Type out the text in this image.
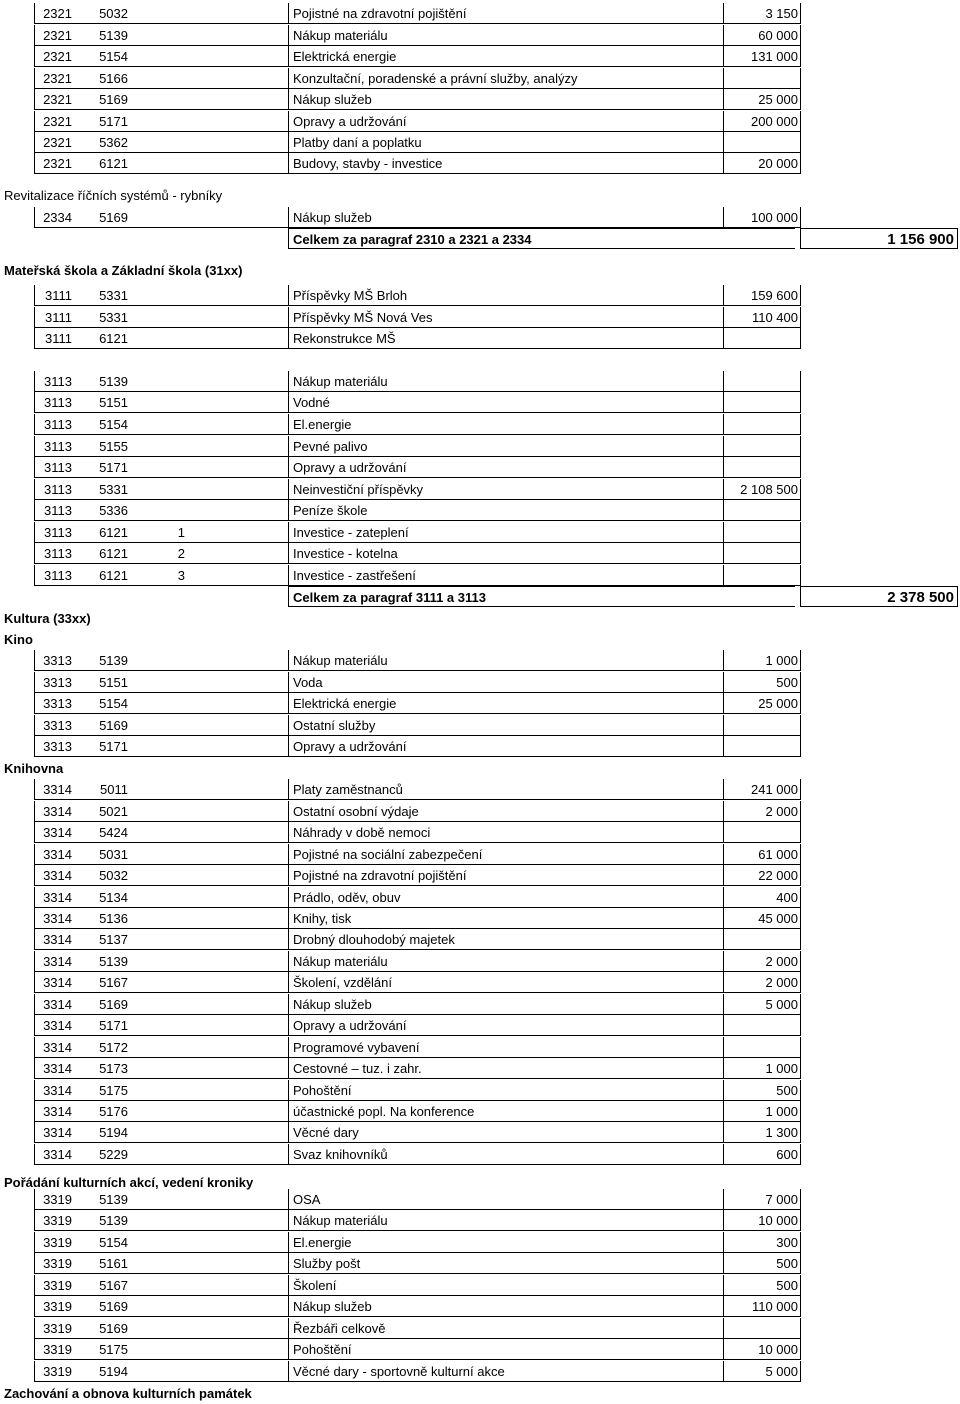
2321	5032	Pojistné na zdravotní pojištění	3 150
2321	5139	Nákup materiálu	60 000
2321	5154	Elektrická energie	131 000
2321	5166	Konzultační, poradenské a právní služby, analýzy
2321	5169	Nákup služeb	25 000
2321	5171	Opravy a udržování	200 000
2321	5362	Platby daní a poplatku
2321	6121	Budovy, stavby - investice	20 000
Revitalizace říčních systémů - rybníky
2334	5169	Nákup služeb	100 000
Celkem za paragraf 2310 a 2321 a 2334	1 156 900
Mateřská škola a Základní škola (31xx)
3111	5331	Příspěvky MŠ Brloh	159 600
3111	5331	Příspěvky MŠ Nová Ves	110 400
3111	6121	Rekonstrukce MŠ
3113	5139	Nákup materiálu
3113	5151	Vodné
3113	5154	El.energie
3113	5155	Pevné palivo
3113	5171	Opravy a udržování
3113	5331	Neinvestiční příspěvky	2 108 500
3113	5336	Peníze škole
3113	6121	1	Investice - zateplení
3113	6121	2	Investice - kotelna
3113	6121	3	Investice - zastřešení
Celkem za paragraf 3111 a 3113	2 378 500
Kultura (33xx)
Kino
3313	5139	Nákup materiálu	1 000
3313	5151	Voda	500
3313	5154	Elektrická energie	25 000
3313	5169	Ostatní služby
3313	5171	Opravy a udržování
Knihovna
3314	5011	Platy zaměstnanců	241 000
3314	5021	Ostatní osobní výdaje	2 000
3314	5424	Náhrady v době nemoci
3314	5031	Pojistné na sociální zabezpečení	61 000
3314	5032	Pojistné na zdravotní pojištění	22 000
3314	5134	Prádlo, oděv, obuv	400
3314	5136	Knihy, tisk	45 000
3314	5137	Drobný dlouhodobý majetek
3314	5139	Nákup materiálu	2 000
3314	5167	Školení, vzdělání	2 000
3314	5169	Nákup služeb	5 000
3314	5171	Opravy a udržování
3314	5172	Programové vybavení
3314	5173	Cestovné – tuz. i zahr.	1 000
3314	5175	Pohoštění	500
3314	5176	účastnické popl. Na konference	1 000
3314	5194	Věcné dary	1 300
3314	5229	Svaz knihovníků	600
Pořádání kulturních akcí, vedení kroniky
3319	5139	OSA	7 000
3319	5139	Nákup materiálu	10 000
3319	5154	El.energie	300
3319	5161	Služby pošt	500
3319	5167	Školení	500
3319	5169	Nákup služeb	110 000
3319	5169	Řezbáři celkově
3319	5175	Pohoštění	10 000
3319	5194	Věcné dary - sportovně kulturní akce	5 000
Zachování a obnova kulturních památek
